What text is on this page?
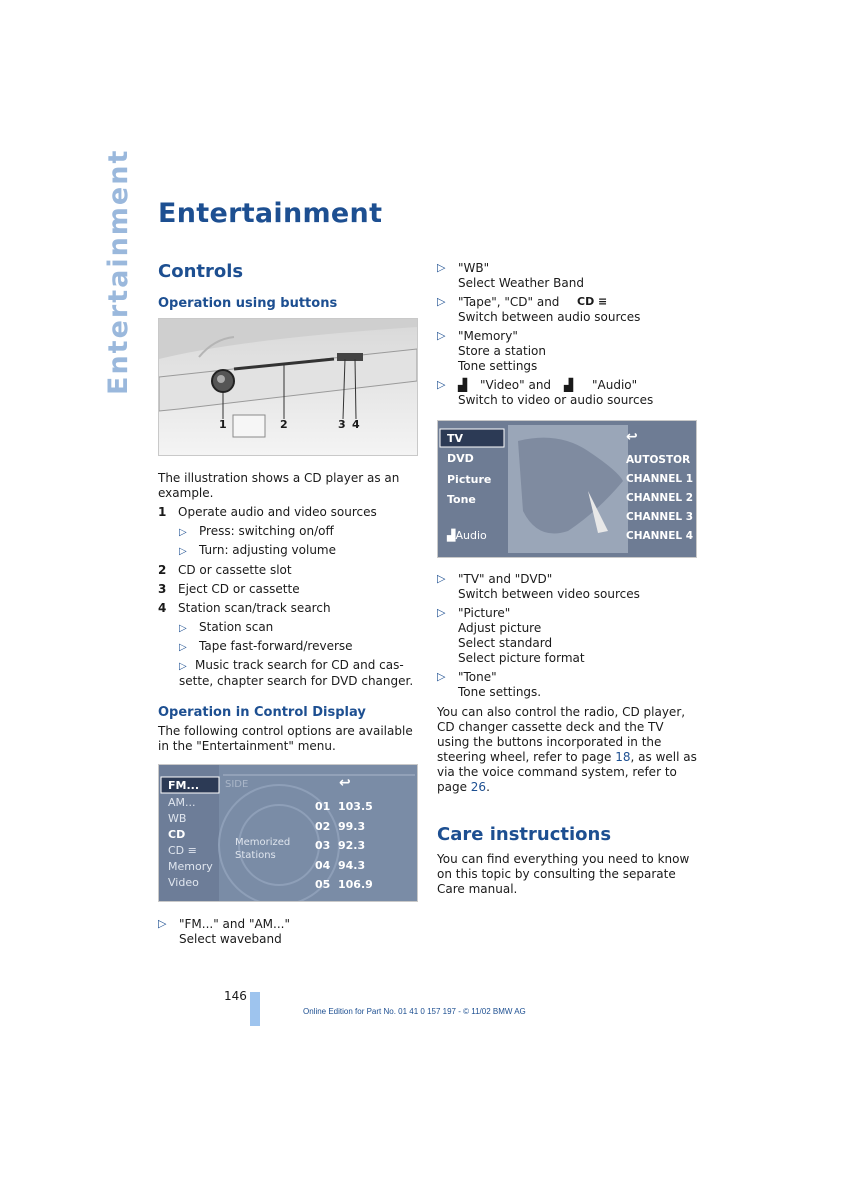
Entertainment Entertainment
Controls
Operation using buttons
1	2	3 4

The illustration shows a CD player as an

example.

1 Operate audio and video sources
▷ Press: switching on/off
▷ Turn: adjusting volume
2 CD or cassette slot
3 Eject CD or cassette
4 Station scan/track search
▷ Station scan
▷ Tape fast-forward/reverse
▷ Music track search for CD and cas-
sette, chapter search for DVD changer.
Operation in Control Display

The following control options are available

in the "Entertainment" menu.

FM...
AM...
WB
CD
CD ≡
Memory
Video
SIDE	↩
Memorized
Stations
01 103.5
02 99.3
03 92.3
04 94.3
05 106.9
▷ "FM..." and "AM..."
Select waveband
▷ "WB"
Select Weather Band
▷ "Tape", "CD" and CD ≡
Switch between audio sources
▷ "Memory"
Store a station
Tone settings
▷ ▟ "Video" and ▟ "Audio"
Switch to video or audio sources
TV
DVD
Picture
Tone
▟Audio
↩
AUTOSTOR
CHANNEL 1
CHANNEL 2
CHANNEL 3
CHANNEL 4
▷ "TV" and "DVD"
Switch between video sources
▷ "Picture"
Adjust picture
Select standard
Select picture format
▷ "Tone"
Tone settings.
You can also control the radio, CD player,
CD changer cassette deck and the TV
using the buttons incorporated in the
steering wheel, refer to page 18, as well as
via the voice command system, refer to
page 26.
Care instructions
You can find everything you need to know
on this topic by consulting the separate
Care manual.
146
Online Edition for Part No. 01 41 0 157 197 - © 11/02 BMW AG
